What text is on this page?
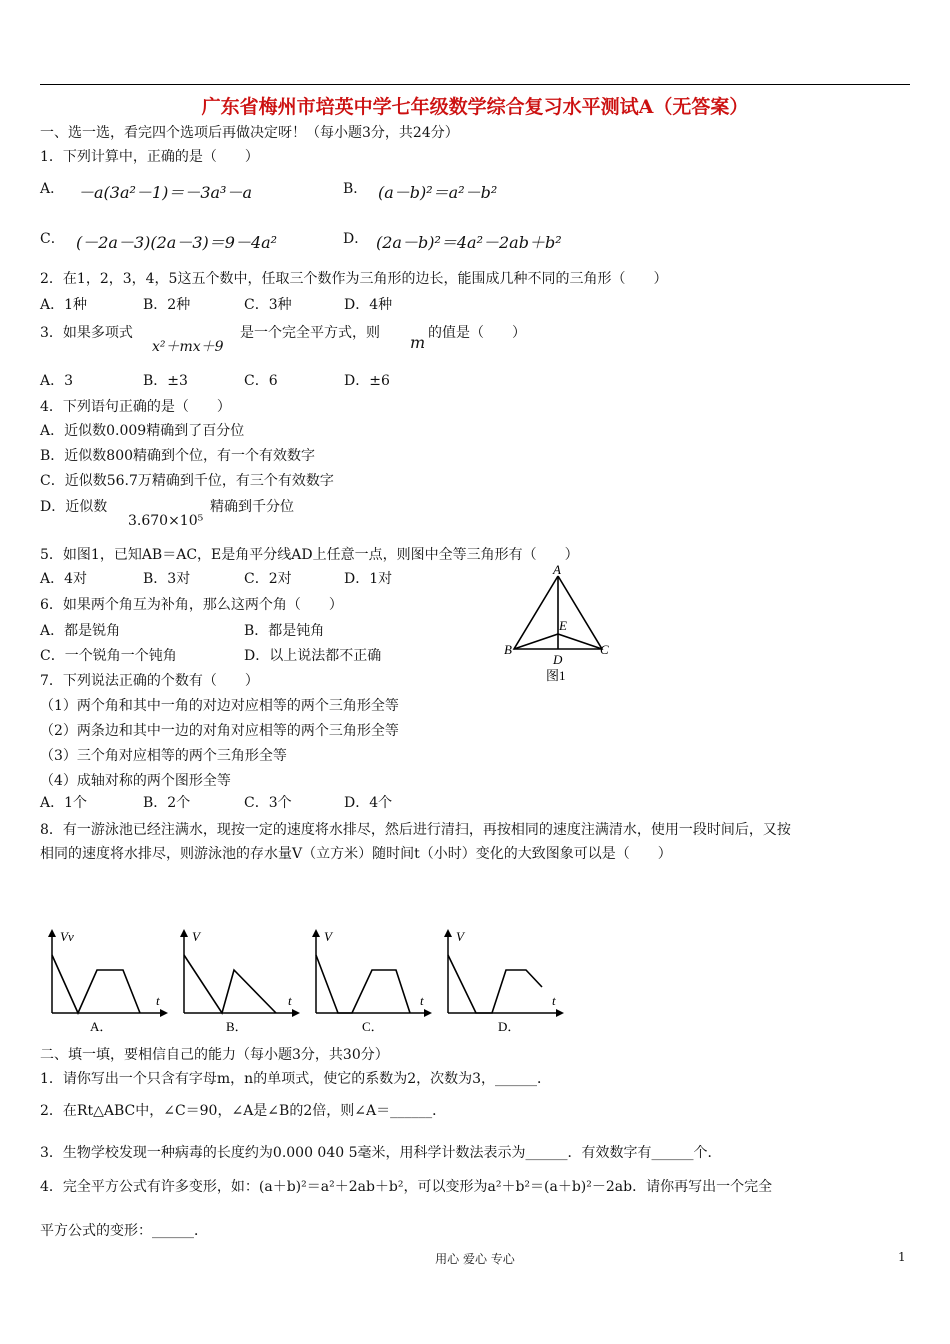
广东省梅州市培英中学七年级数学综合复习水平测试A（无答案）
一、选一选，看完四个选项后再做决定呀！（每小题3分，共24分）
1．下列计算中，正确的是（　　）
A． －a(3a²－1)＝－3a³－a	B． (a－b)²＝a²－b²
C． (－2a－3)(2a－3)＝9－4a²	D． (2a－b)²＝4a²－2ab＋b²
2．在1，2，3，4，5这五个数中，任取三个数作为三角形的边长，能围成几种不同的三角形（　　）
A．1种	B．2种	C．3种	D．4种
3．如果多项式
x²＋mx＋9
是一个完全平方式，则 m 的值是（　　）
A．3	B．±3	C．6	D．±6
4．下列语句正确的是（　　）
A．近似数0.009精确到了百分位
B．近似数800精确到个位，有一个有效数字
C．近似数56.7万精确到千位，有三个有效数字
D．近似数
3.670×10⁵
精确到千分位
5．如图1，已知AB＝AC，E是角平分线AD上任意一点，则图中全等三角形有（　　）
A．4对	B．3对	C．2对	D．1对
A
E
B
D
C
图1
6．如果两个角互为补角，那么这两个角（　　）
A．都是锐角	B．都是钝角
C．一个锐角一个钝角	D．以上说法都不正确
7．下列说法正确的个数有（　　）
（1）两个角和其中一角的对边对应相等的两个三角形全等
（2）两条边和其中一边的对角对应相等的两个三角形全等
（3）三个角对应相等的两个三角形全等
（4）成轴对称的两个图形全等
A．1个	B．2个	C．3个	D．4个
8．有一游泳池已经注满水，现按一定的速度将水排尽，然后进行清扫，再按相同的速度注满清水，使用一段时间后，又按
相同的速度将水排尽，则游泳池的存水量V（立方米）随时间t（小时）变化的大致图象可以是（　　）
Vv
t
A．
V
t
B．
V
t
C．
V
t
D．
二、填一填，要相信自己的能力（每小题3分，共30分）
1．请你写出一个只含有字母m，n的单项式，使它的系数为2，次数为3，______．
2．在Rt△ABC中，∠C＝90，∠A是∠B的2倍，则∠A＝______．
3．生物学校发现一种病毒的长度约为0.000 040 5毫米，用科学计数法表示为______．有效数字有______个．
4．完全平方公式有许多变形，如：(a＋b)²＝a²＋2ab＋b²，可以变形为a²＋b²＝(a＋b)²－2ab．请你再写出一个完全
平方公式的变形：______．
用心 爱心 专心	1
